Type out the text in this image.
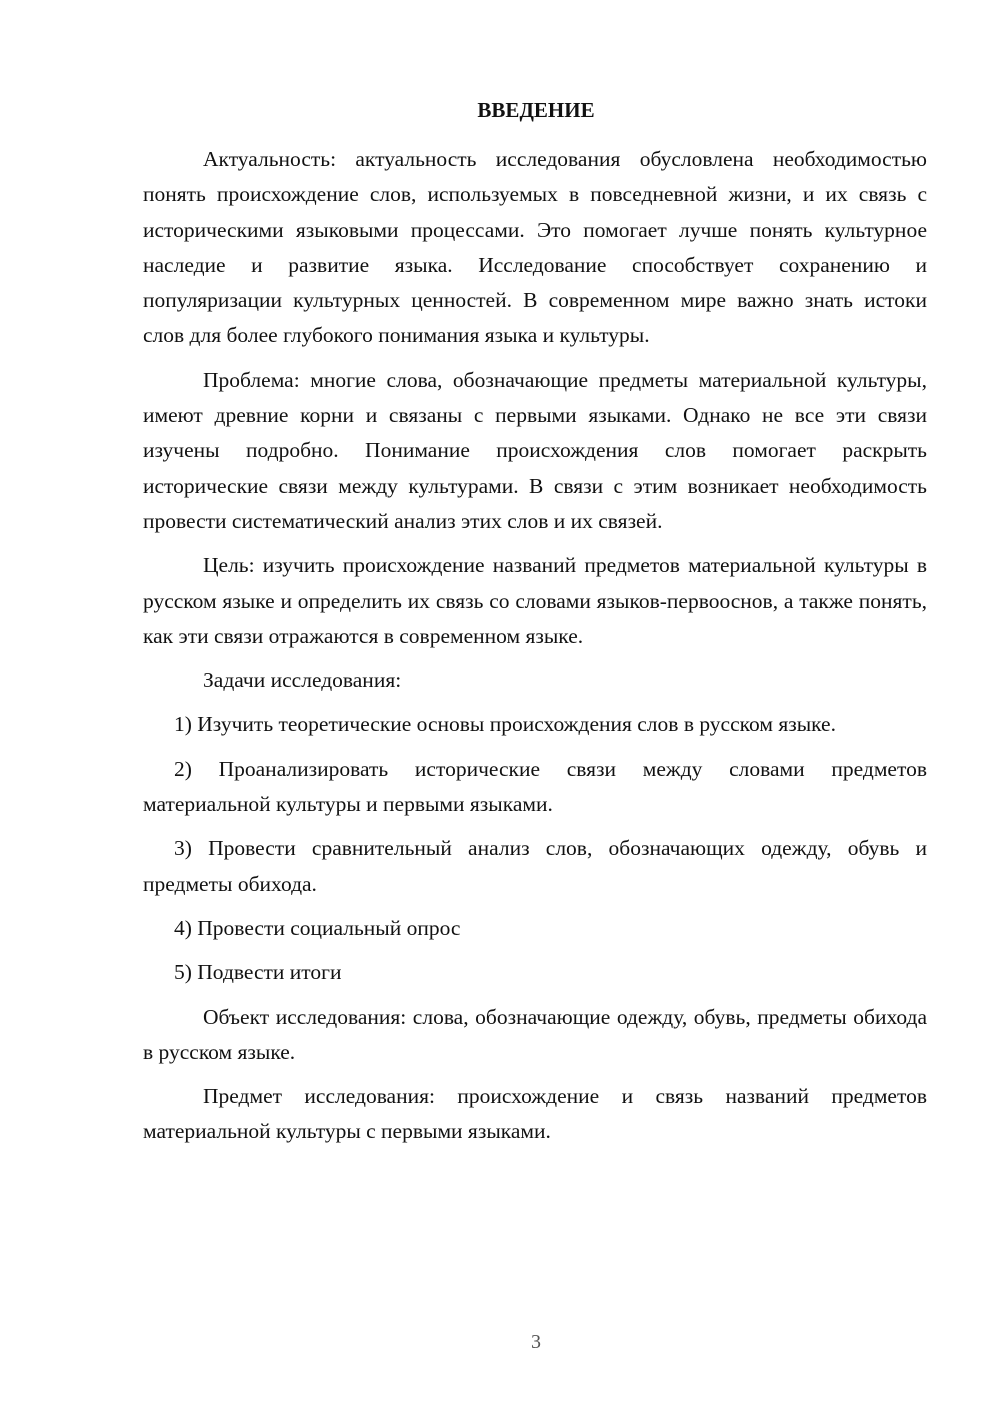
ВВЕДЕНИЕ

Актуальность: актуальность исследования обусловлена необходимостью понять происхождение слов, используемых в повседневной жизни, и их связь с историческими языковыми процессами. Это помогает лучше понять культурное наследие и развитие языка. Исследование способствует сохранению и популяризации культурных ценностей. В современном мире важно знать истоки слов для более глубокого понимания языка и культуры.

Проблема: многие слова, обозначающие предметы материальной культуры, имеют древние корни и связаны с первыми языками. Однако не все эти связи изучены подробно. Понимание происхождения слов помогает раскрыть исторические связи между культурами. В связи с этим возникает необходимость провести систематический анализ этих слов и их связей.

Цель: изучить происхождение названий предметов материальной культуры в русском языке и определить их связь со словами языков-первооснов, а также понять, как эти связи отражаются в современном языке.

Задачи исследования:

1) Изучить теоретические основы происхождения слов в русском языке.

2) Проанализировать исторические связи между словами предметов материальной культуры и первыми языками.

3) Провести сравнительный анализ слов, обозначающих одежду, обувь и предметы обихода.

4) Провести социальный опрос

5) Подвести итоги

Объект исследования: слова, обозначающие одежду, обувь, предметы обихода в русском языке.

Предмет исследования: происхождение и связь названий предметов материальной культуры с первыми языками.

3
